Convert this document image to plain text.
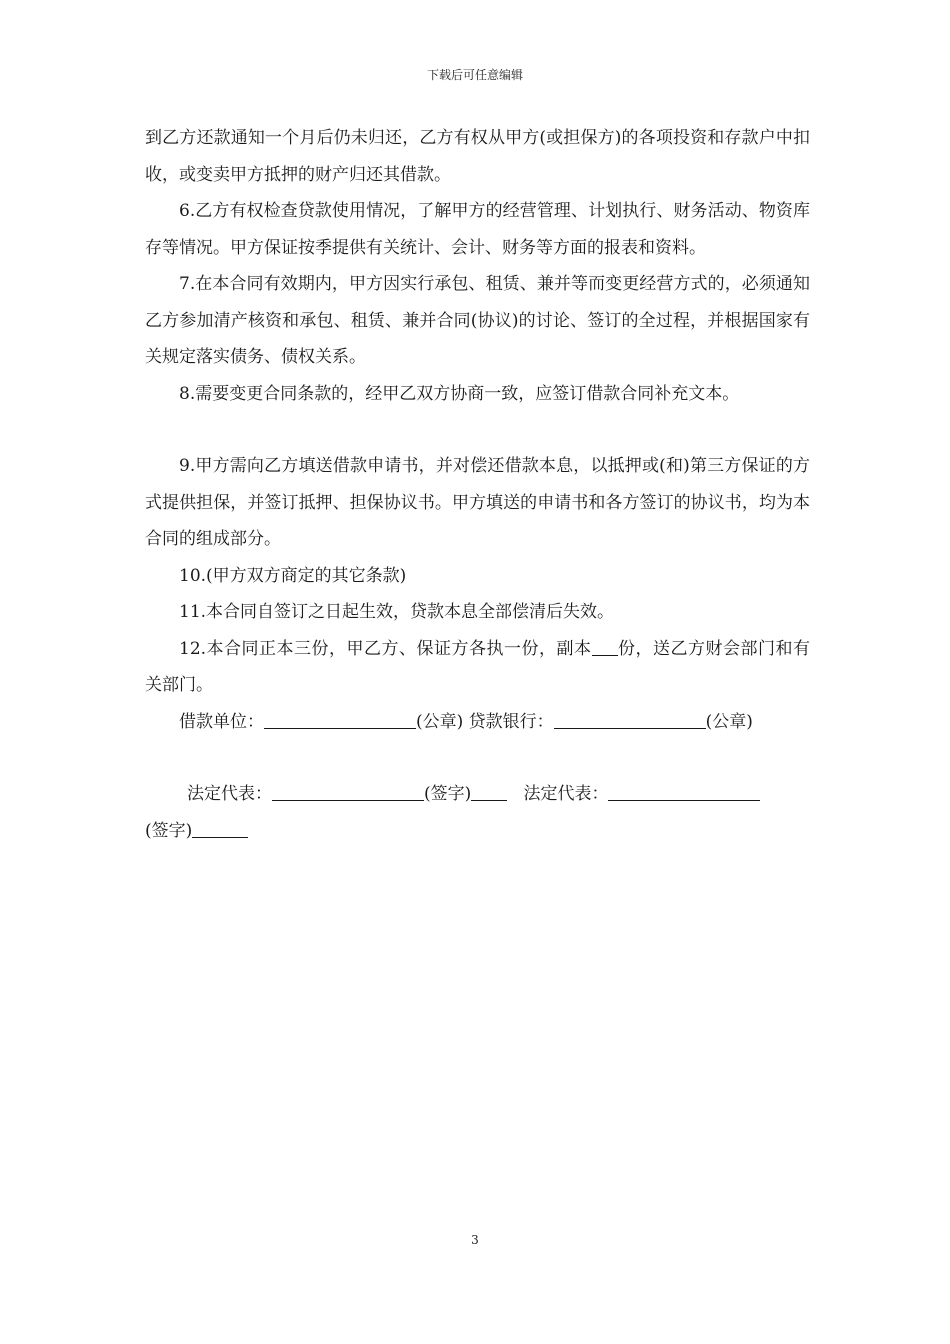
下载后可任意编辑

到乙方还款通知一个月后仍未归还，乙方有权从甲方(或担保方)的各项投资和存款户中扣收，或变卖甲方抵押的财产归还其借款。

6.乙方有权检查贷款使用情况，了解甲方的经营管理、计划执行、财务活动、物资库存等情况。甲方保证按季提供有关统计、会计、财务等方面的报表和资料。

7.在本合同有效期内，甲方因实行承包、租赁、兼并等而变更经营方式的，必须通知乙方参加清产核资和承包、租赁、兼并合同(协议)的讨论、签订的全过程，并根据国家有关规定落实债务、债权关系。

8.需要变更合同条款的，经甲乙双方协商一致，应签订借款合同补充文本。

9.甲方需向乙方填送借款申请书，并对偿还借款本息，以抵押或(和)第三方保证的方式提供担保，并签订抵押、担保协议书。甲方填送的申请书和各方签订的协议书，均为本合同的组成部分。

10.(甲方双方商定的其它条款)

11.本合同自签订之日起生效，贷款本息全部偿清后失效。

12.本合同正本三份，甲乙方、保证方各执一份，副本 份，送乙方财会部门和有关部门。

借款单位：	(公章) 贷款银行：	(公章)

法定代表：	(签字)	法定代表：

(签字)

3
